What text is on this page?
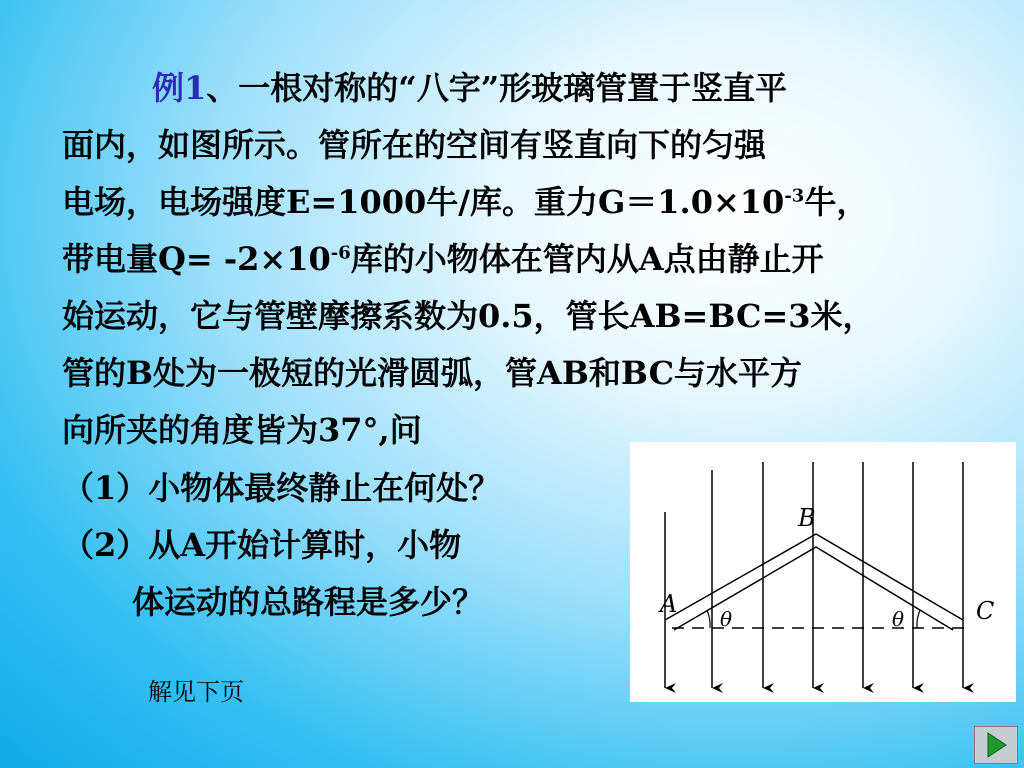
例1、一根对称的“八字”形玻璃管置于竖直平
面内，如图所示。管所在的空间有竖直向下的匀强
电场，电场强度E=1000牛/库。重力$G=1.0\times 10^{-3}$牛，
带电量$Q= -2\times 10^{-6}$库的小物体在管内从A点由静止开
始运动，它与管壁摩擦系数为0.5，管长AB=BC=3米，
管的B处为一极短的光滑圆弧，管AB和BC与水平方
向所夹的角度皆为37°,问
（1）小物体最终静止在何处？
（2）从A开始计算时，小物
体运动的总路程是多少？
解见下页
A
B
C
θ	θ
